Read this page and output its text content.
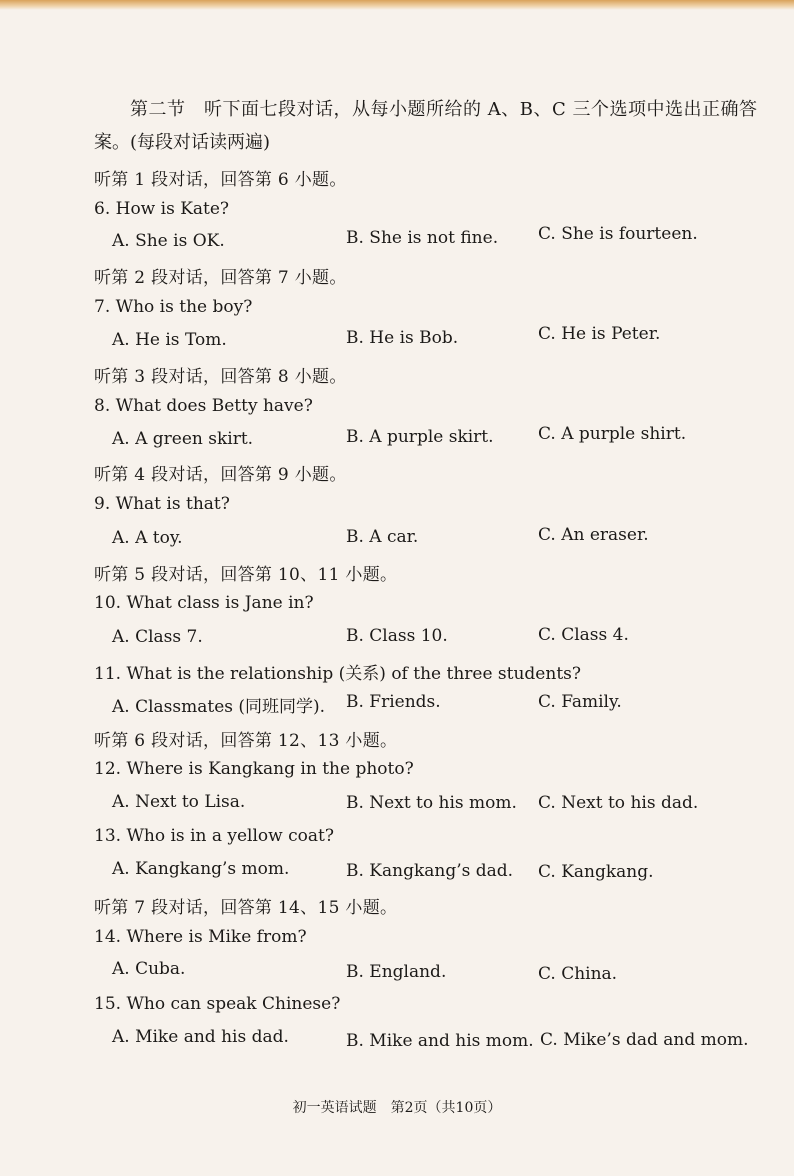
第二节　听下面七段对话，从每小题所给的 A、B、C 三个选项中选出正确答
案。(每段对话读两遍)
听第 1 段对话，回答第 6 小题。
6. How is Kate?
A. She is OK.	B. She is not fine. C. She is fourteen.
听第 2 段对话，回答第 7 小题。
7. Who is the boy?
A. He is Tom.	B. He is Bob.	C. He is Peter.
听第 3 段对话，回答第 8 小题。
8. What does Betty have?
A. A green skirt.	B. A purple skirt.	C. A purple shirt.
听第 4 段对话，回答第 9 小题。
9. What is that?
A. A toy.	B. A car.	C. An eraser.
听第 5 段对话，回答第 10、11 小题。
10. What class is Jane in?
A. Class 7.	B. Class 10.	C. Class 4.
11. What is the relationship (关系) of the three students?
A. Classmates (同班同学). B. Friends.	C. Family.
听第 6 段对话，回答第 12、13 小题。
12. Where is Kangkang in the photo?
A. Next to Lisa.	B. Next to his mom. C. Next to his dad.
13. Who is in a yellow coat?
A. Kangkang’s mom.	B. Kangkang’s dad. C. Kangkang.
听第 7 段对话，回答第 14、15 小题。
14. Where is Mike from?
A. Cuba.	B. England.	C. China.
15. Who can speak Chinese?
A. Mike and his dad.	B. Mike and his mom. C. Mike’s dad and mom.
初一英语试题　第2页（共10页）
